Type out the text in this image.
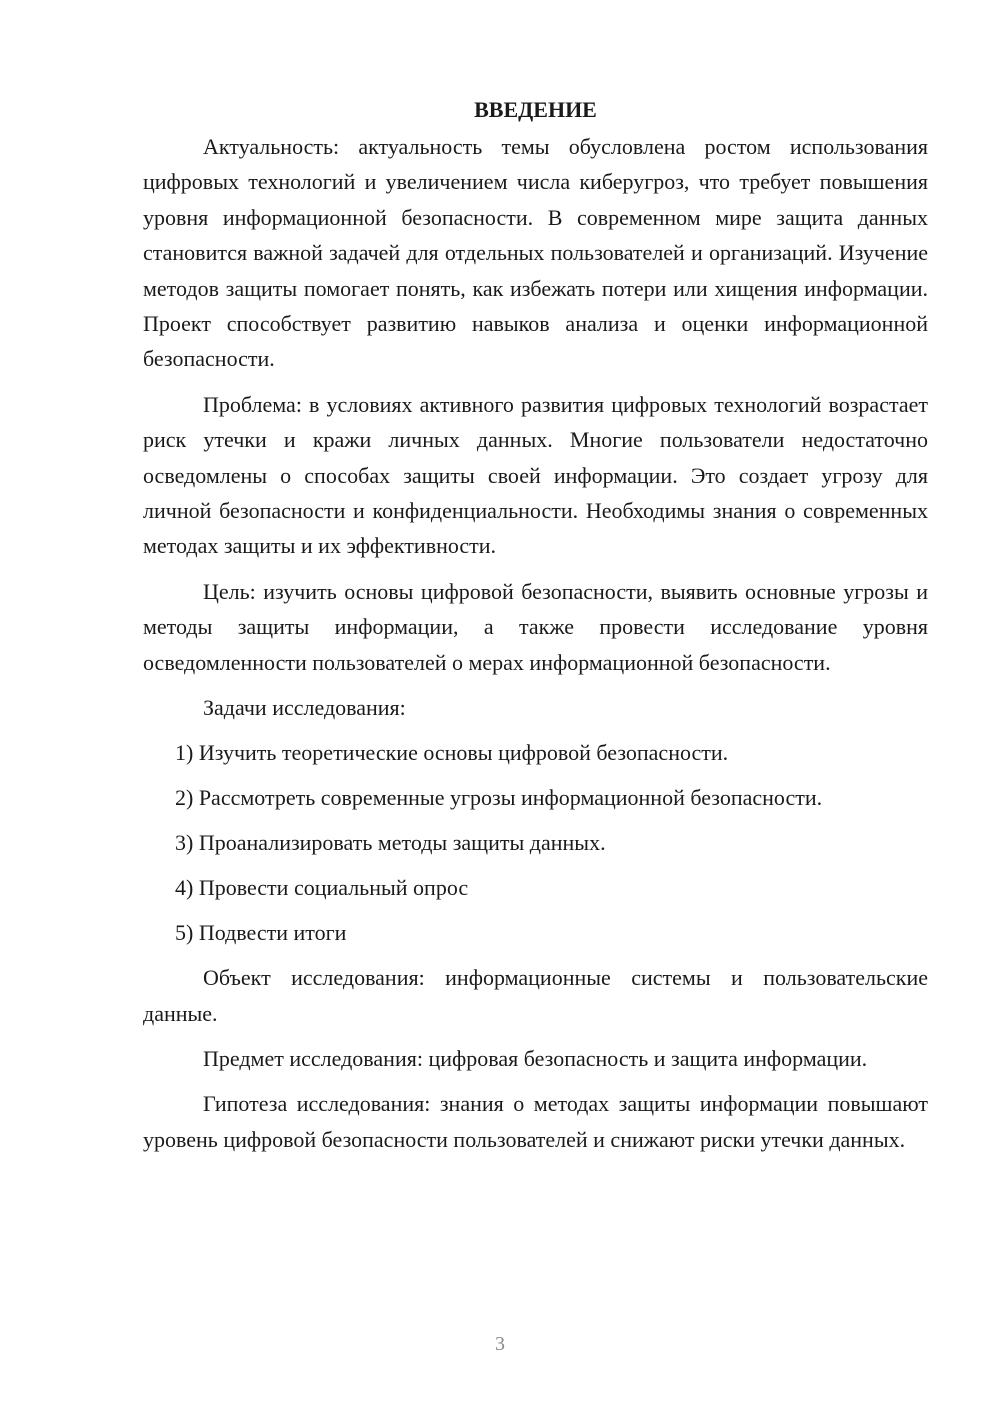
ВВЕДЕНИЕ

Актуальность: актуальность темы обусловлена ростом использования цифровых технологий и увеличением числа киберугроз, что требует повышения уровня информационной безопасности. В современном мире защита данных становится важной задачей для отдельных пользователей и организаций. Изучение методов защиты помогает понять, как избежать потери или хищения информации. Проект способствует развитию навыков анализа и оценки информационной безопасности.

Проблема: в условиях активного развития цифровых технологий возрастает риск утечки и кражи личных данных. Многие пользователи недостаточно осведомлены о способах защиты своей информации. Это создает угрозу для личной безопасности и конфиденциальности. Необходимы знания о современных методах защиты и их эффективности.

Цель: изучить основы цифровой безопасности, выявить основные угрозы и методы защиты информации, а также провести исследование уровня осведомленности пользователей о мерах информационной безопасности.

Задачи исследования:

1) Изучить теоретические основы цифровой безопасности.
2) Рассмотреть современные угрозы информационной безопасности.
3) Проанализировать методы защиты данных.
4) Провести социальный опрос
5) Подвести итоги

Объект исследования: информационные системы и пользовательские данные.

Предмет исследования: цифровая безопасность и защита информации.

Гипотеза исследования: знания о методах защиты информации повышают уровень цифровой безопасности пользователей и снижают риски утечки данных.

3
